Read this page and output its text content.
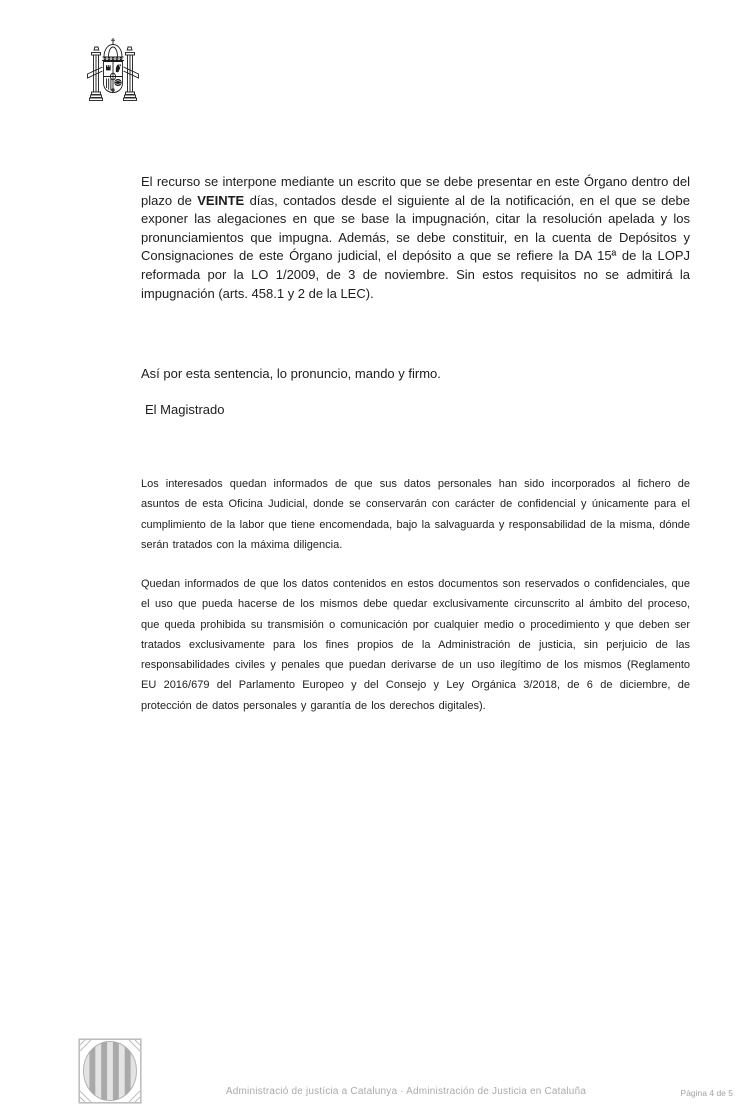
El recurso se interpone mediante un escrito que se debe presentar en este Órgano dentro del plazo de VEINTE días, contados desde el siguiente al de la notificación, en el que se debe exponer las alegaciones en que se base la impugnación, citar la resolución apelada y los pronunciamientos que impugna. Además, se debe constituir, en la cuenta de Depósitos y Consignaciones de este Órgano judicial, el depósito a que se refiere la DA 15ª de la LOPJ reformada por la LO 1/2009, de 3 de noviembre. Sin estos requisitos no se admitirá la impugnación (arts. 458.1 y 2 de la LEC).

Así por esta sentencia, lo pronuncio, mando y firmo.

El Magistrado

Los interesados quedan informados de que sus datos personales han sido incorporados al fichero de asuntos de esta Oficina Judicial, donde se conservarán con carácter de confidencial y únicamente para el cumplimiento de la labor que tiene encomendada, bajo la salvaguarda y responsabilidad de la misma, dónde serán tratados con la máxima diligencia.

Quedan informados de que los datos contenidos en estos documentos son reservados o confidenciales, que el uso que pueda hacerse de los mismos debe quedar exclusivamente circunscrito al ámbito del proceso, que queda prohibida su transmisión o comunicación por cualquier medio o procedimiento y que deben ser tratados exclusivamente para los fines propios de la Administración de justicia, sin perjuicio de las responsabilidades civiles y penales que puedan derivarse de un uso ilegítimo de los mismos (Reglamento EU 2016/679 del Parlamento Europeo y del Consejo y Ley Orgánica 3/2018, de 6 de diciembre, de protección de datos personales y garantía de los derechos digitales).

Administració de justícia a Catalunya · Administración de Justicia en Cataluña	Pàgina 4 de 5
